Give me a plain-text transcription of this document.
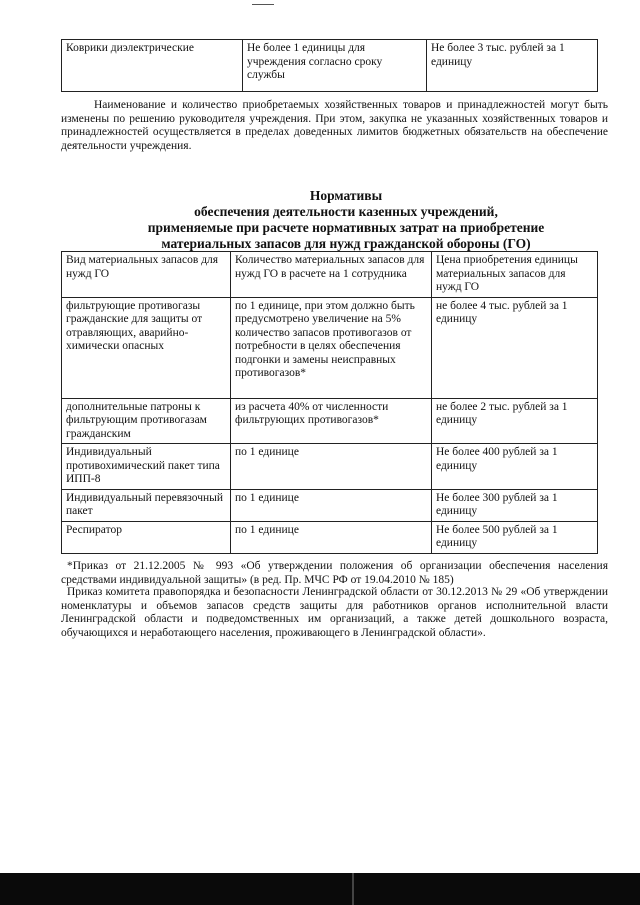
Коврики диэлектрические	Не более 1 единицы для учреждения согласно сроку службы	Не более 3 тыс. рублей за 1 единицу

Наименование и количество приобретаемых хозяйственных товаров и принадлежностей могут быть изменены по решению руководителя учреждения. При этом, закупка не указанных хозяйственных товаров и принадлежностей осуществляется в пределах доведенных лимитов бюджетных обязательств на обеспечение деятельности учреждения.

Нормативы
обеспечения деятельности казенных учреждений,
применяемые при расчете нормативных затрат на приобретение
материальных запасов для нужд гражданской обороны (ГО)
Вид материальных запасов для нужд ГО	Количество материальных запасов для нужд ГО в расчете на 1 сотрудника	Цена приобретения единицы материальных запасов для нужд ГО
фильтрующие противогазы гражданские для защиты от отравляющих, аварийно-химически опасных	по 1 единице, при этом должно быть предусмотрено увеличение на 5% количество запасов противогазов от потребности в целях обеспечения подгонки и замены неисправных противогазов*	не более 4 тыс. рублей за 1 единицу
дополнительные патроны к фильтрующим противогазам гражданским	из расчета 40% от численности фильтрующих противогазов*	не более 2 тыс. рублей за 1 единицу
Индивидуальный противохимический пакет типа ИПП-8	по 1 единице	Не более 400 рублей за 1 единицу
Индивидуальный перевязочный пакет	по 1 единице	Не более 300 рублей за 1 единицу
Респиратор	по 1 единице	Не более 500 рублей за 1 единицу

*Приказ от 21.12.2005 № 993 «Об утверждении положения об организации обеспечения населения средствами индивидуальной защиты» (в ред. Пр. МЧС РФ от 19.04.2010 № 185)

Приказ комитета правопорядка и безопасности Ленинградской области от 30.12.2013 № 29 «Об утверждении номенклатуры и объемов запасов средств защиты для работников органов исполнительной власти Ленинградской области и подведомственных им организаций, а также детей дошкольного возраста, обучающихся и неработающего населения, проживающего в Ленинградской области».
